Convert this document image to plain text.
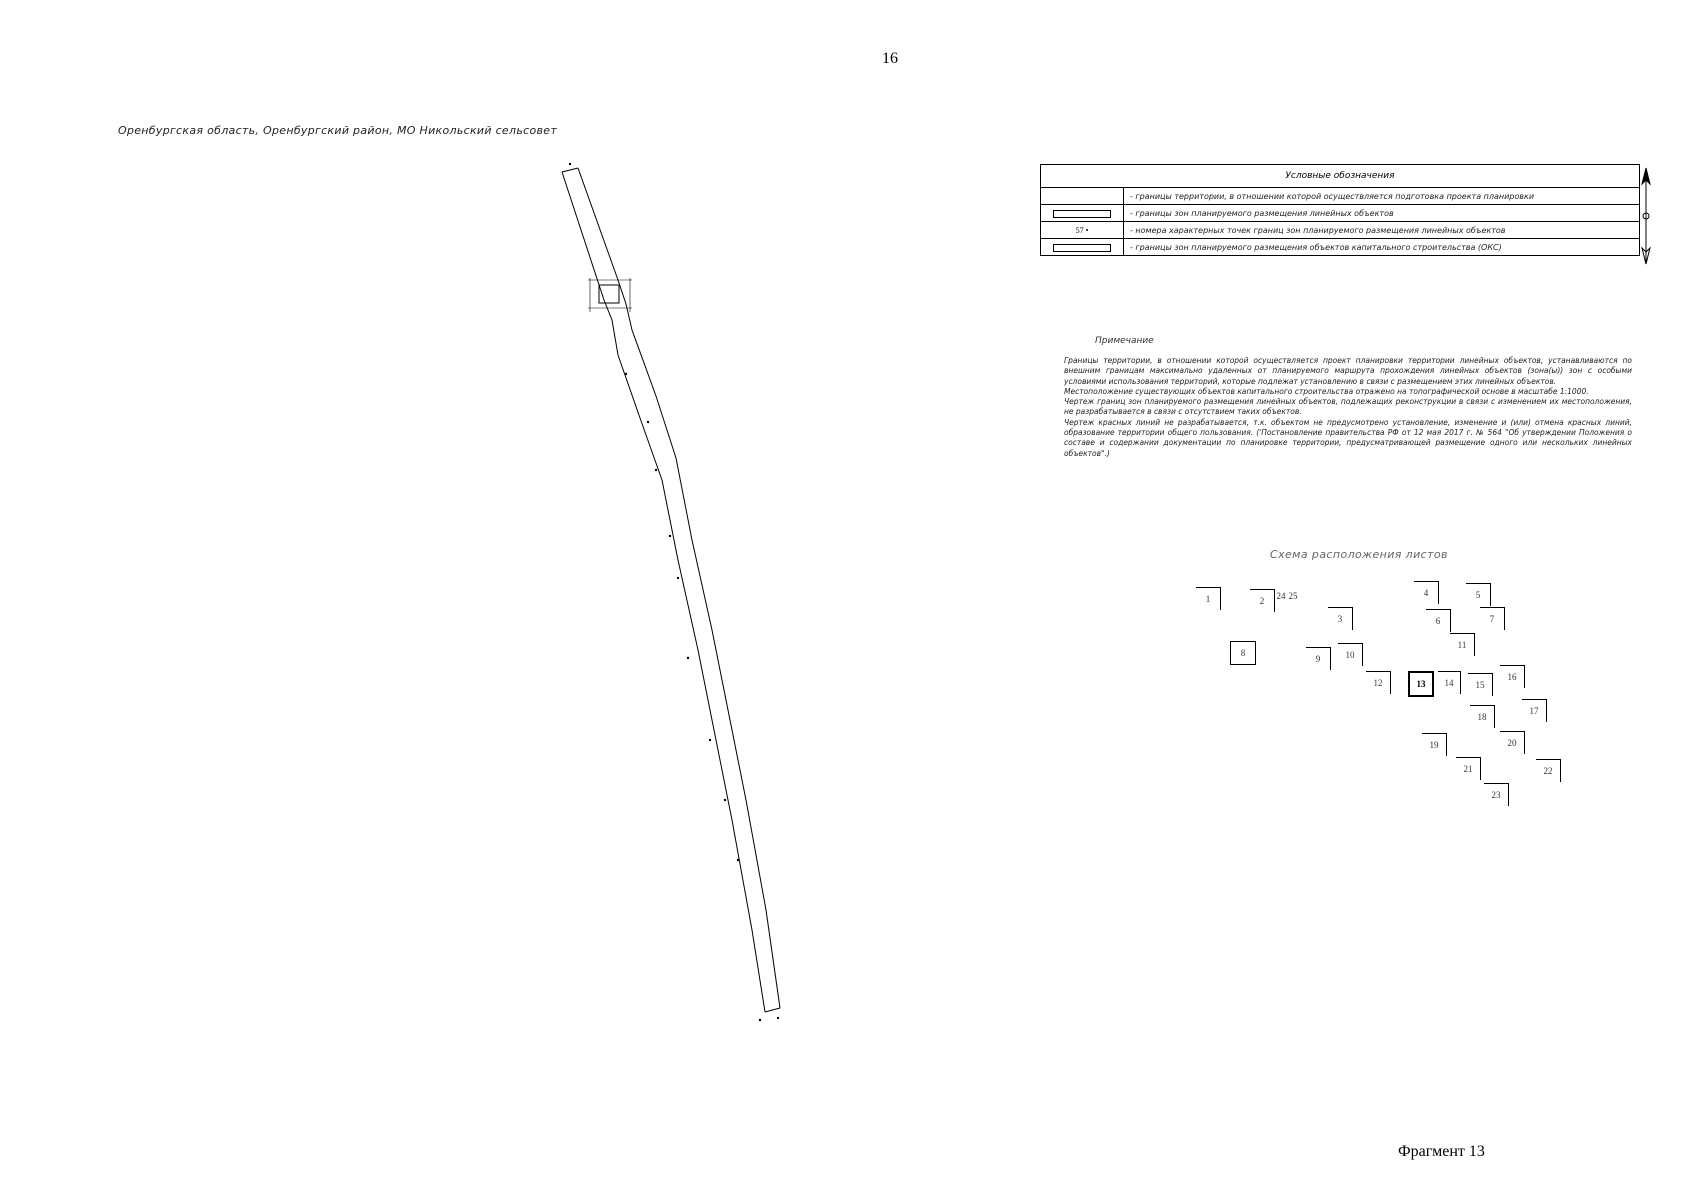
16
Оренбургская область, Оренбургский район, МО Никольский сельсовет
Условные обозначения	
	- границы территории, в отношении которой осуществляется подготовка проекта планировки
	- границы зон планируемого размещения линейных объектов
57 •	- номера характерных точек границ зон планируемого размещения линейных объектов
	- границы зон планируемого размещения объектов капитального строительства (ОКС)
Примечание

Границы территории, в отношении которой осуществляется проект планировки территории линейных объектов, устанавливаются по внешним границам максимально удаленных от планируемого маршрута прохождения линейных объектов (зона(ы)) зон с особыми условиями использования территорий, которые подлежат установлению в связи с размещением этих линейных объектов.

Местоположение существующих объектов капитального строительства отражено на топографической основе в масштабе 1:1000.

Чертеж границ зон планируемого размещения линейных объектов, подлежащих реконструкции в связи с изменением их местоположения, не разрабатывается в связи с отсутствием таких объектов.

Чертеж красных линий не разрабатывается, т.к. объектом не предусмотрено установление, изменение и (или) отмена красных линий, образование территории общего пользования. ('Постановление правительства РФ от 12 мая 2017 г. № 564 "Об утверждении Положения о составе и содержании документации по планировке территории, предусматривающей размещение одного или нескольких линейных объектов".)

Схема расположения листов
1	2
3
4	5
6	7
8
9	10
11
12	13	14	15
16
17
18
19	20
21	22
23
24 25
Фрагмент 13
